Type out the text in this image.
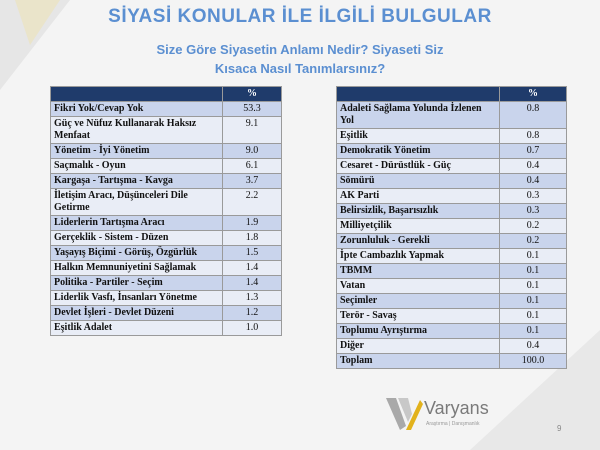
SİYASİ KONULAR İLE İLGİLİ BULGULAR
Size Göre Siyasetin Anlamı Nedir? Siyaseti Siz
Kısaca Nasıl Tanımlarsınız?
	%
Fikri Yok/Cevap Yok	53.3
Güç ve Nüfuz Kullanarak Haksız Menfaat	9.1
Yönetim - İyi Yönetim	9.0
Saçmalık - Oyun	6.1
Kargaşa - Tartışma - Kavga	3.7
İletişim Aracı, Düşünceleri Dile Getirme	2.2
Liderlerin Tartışma Aracı	1.9
Gerçeklik - Sistem - Düzen	1.8
Yaşayış Biçimi - Görüş, Özgürlük	1.5
Halkın Memnuniyetini Sağlamak	1.4
Politika - Partiler - Seçim	1.4
Liderlik Vasfı, İnsanları Yönetme	1.3
Devlet İşleri - Devlet Düzeni	1.2
Eşitlik Adalet	1.0
	%
Adaleti Sağlama Yolunda İzlenen Yol	0.8
Eşitlik	0.8
Demokratik Yönetim	0.7
Cesaret - Dürüstlük - Güç	0.4
Sömürü	0.4
AK Parti	0.3
Belirsizlik, Başarısızlık	0.3
Milliyetçilik	0.2
Zorunluluk - Gerekli	0.2
İpte Cambazlık Yapmak	0.1
TBMM	0.1
Vatan	0.1
Seçimler	0.1
Terör - Savaş	0.1
Toplumu Ayrıştırma	0.1
Diğer	0.4
Toplam	100.0
Varyans
Araştırma | Danışmanlık	9
